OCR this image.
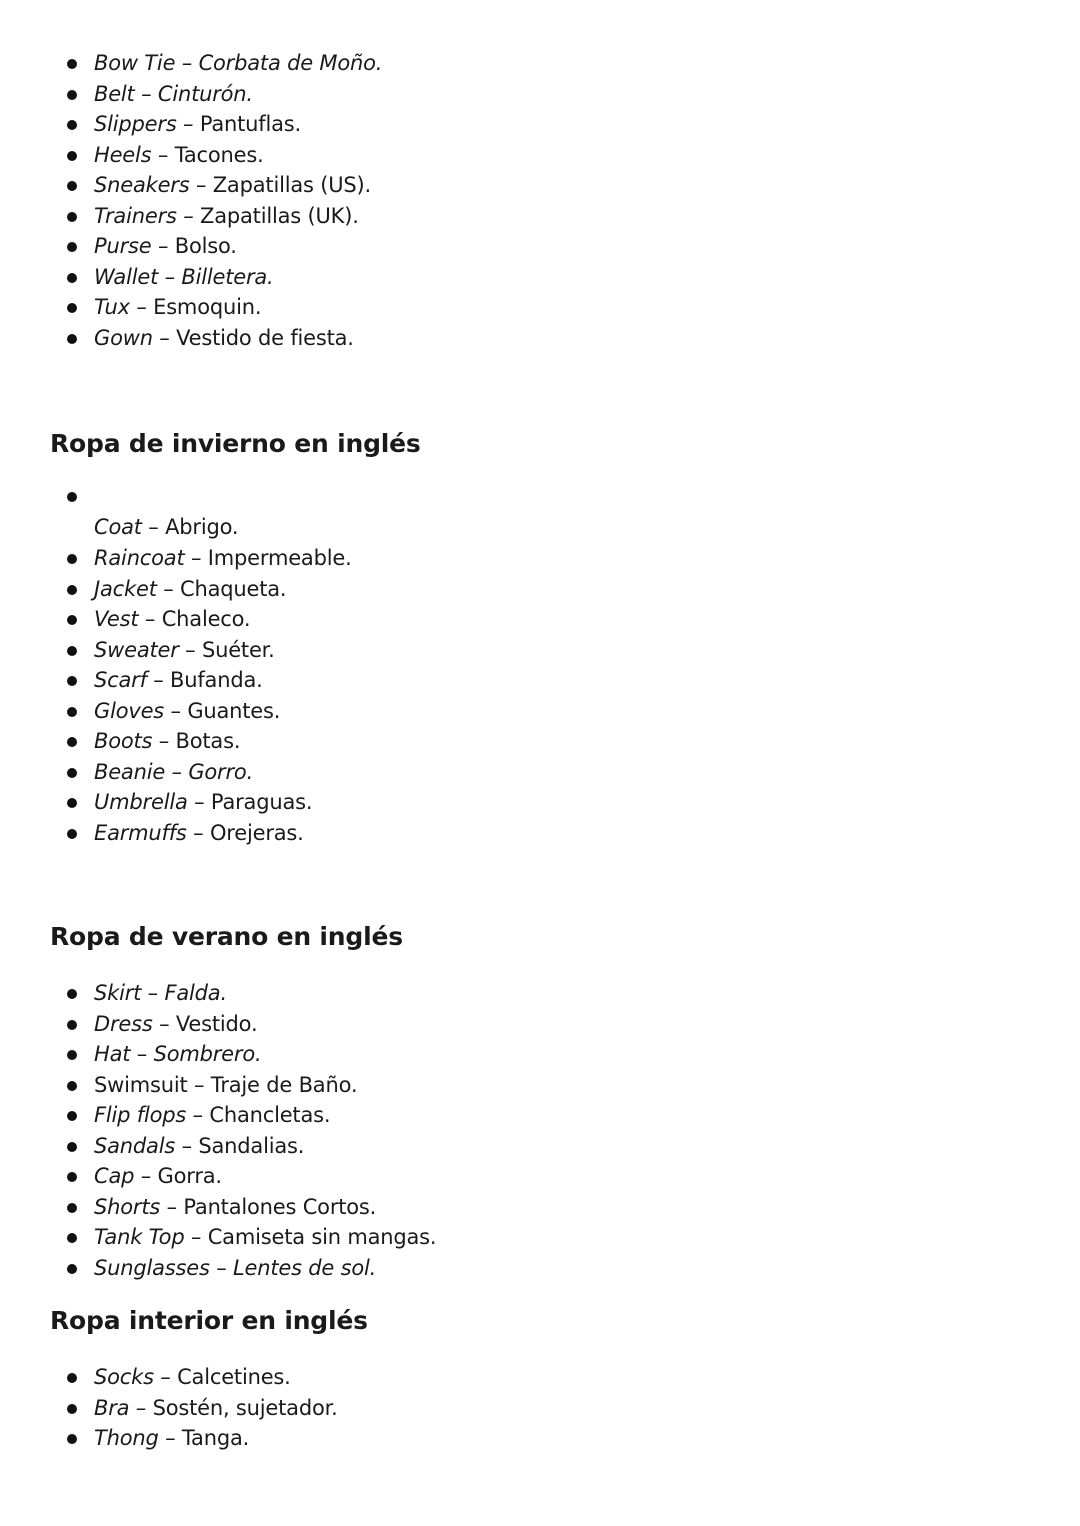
Bow Tie – Corbata de Moño.
Belt – Cinturón.
Slippers – Pantuflas.
Heels – Tacones.
Sneakers – Zapatillas (US).
Trainers – Zapatillas (UK).
Purse – Bolso.
Wallet – Billetera.
Tux – Esmoquin.
Gown – Vestido de fiesta.
Ropa de invierno en inglés
Coat – Abrigo.
Raincoat – Impermeable.
Jacket – Chaqueta.
Vest – Chaleco.
Sweater – Suéter.
Scarf – Bufanda.
Gloves – Guantes.
Boots – Botas.
Beanie – Gorro.
Umbrella – Paraguas.
Earmuffs – Orejeras.
Ropa de verano en inglés
Skirt – Falda.
Dress – Vestido.
Hat – Sombrero.
Swimsuit – Traje de Baño.
Flip flops – Chancletas.
Sandals – Sandalias.
Cap – Gorra.
Shorts – Pantalones Cortos.
Tank Top – Camiseta sin mangas.
Sunglasses – Lentes de sol.
Ropa interior en inglés
Socks – Calcetines.
Bra – Sostén, sujetador.
Thong – Tanga.
